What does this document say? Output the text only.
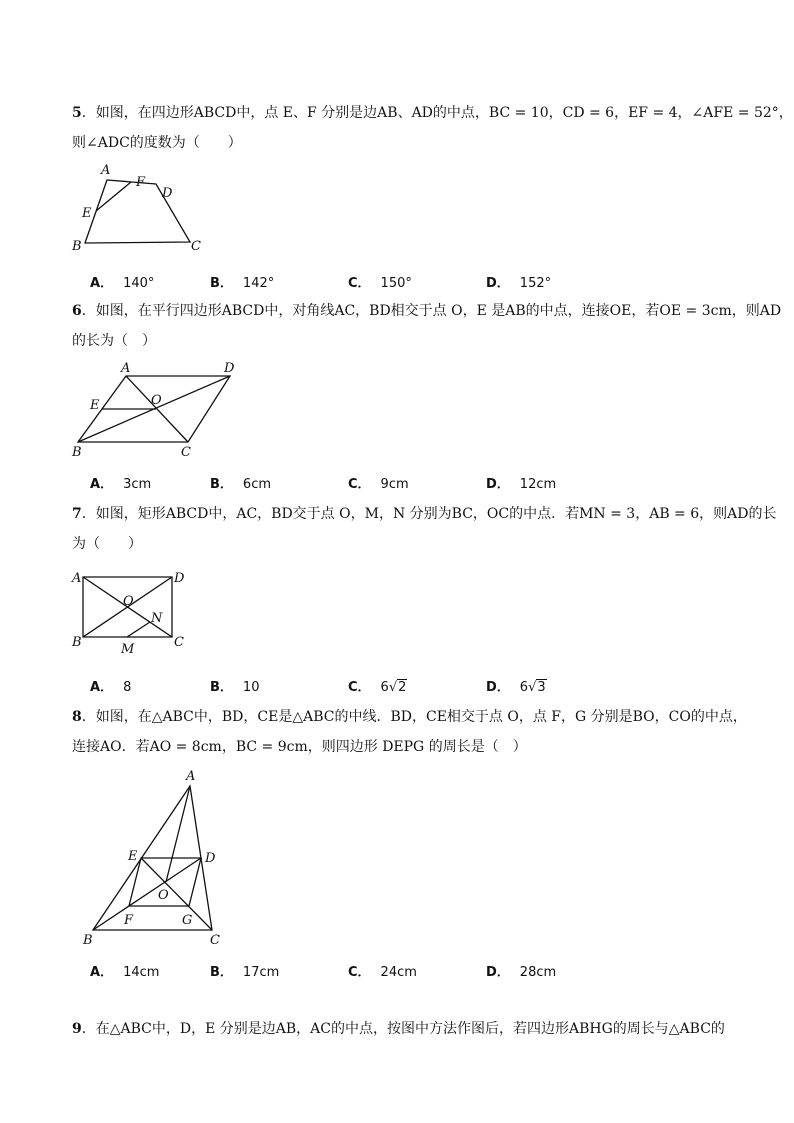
5．如图，在四边形ABCD中，点 E、F 分别是边AB、AD的中点，BC = 10，CD = 6，EF = 4，∠AFE = 52°，
则∠ADC的度数为（　　）
A
F
D
E
B	C
A． 140°	B． 142°	C． 150°	D． 152°
6．如图，在平行四边形ABCD中，对角线AC，BD相交于点 O，E 是AB的中点，连接OE，若OE = 3cm，则AD
的长为（　）
A	D
E	O
B	C
A． 3cm	B． 6cm	C． 9cm	D． 12cm
7．如图，矩形ABCD中，AC，BD交于点 O，M，N 分别为BC，OC的中点．若MN = 3，AB = 6，则AD的长
为（　　）
A	D
O
N
B	M	C
A． 8	B． 10	C． 6√2	D． 6√3
8．如图，在△ABC中，BD，CE是△ABC的中线．BD，CE相交于点 O，点 F，G 分别是BO，CO的中点，
连接AO．若AO = 8cm，BC = 9cm，则四边形 DEPG 的周长是（　）
A
E	D
O
F	G
B	C
A． 14cm	B． 17cm	C． 24cm	D． 28cm
9．在△ABC中，D，E 分别是边AB，AC的中点，按图中方法作图后，若四边形ABHG的周长与△ABC的
